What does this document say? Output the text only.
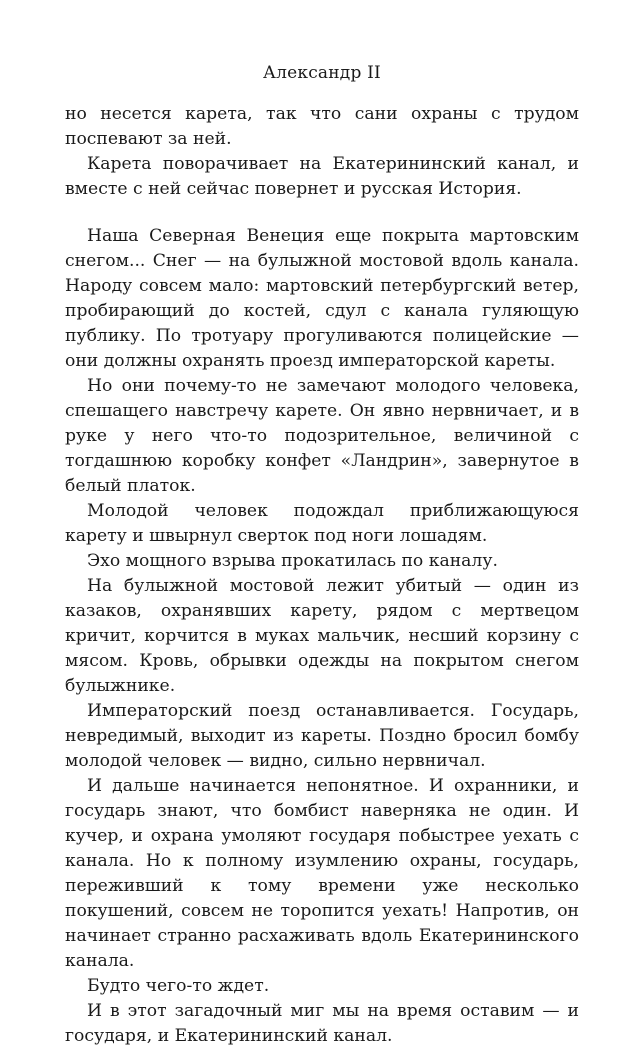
Александр II

но несется карета, так что сани охраны с трудом поспевают за ней.

Карета поворачивает на Екатерининский канал, и вместе с ней сейчас повернет и русская История.

Наша Северная Венеция еще покрыта мартовским снегом... Снег — на булыжной мостовой вдоль канала. Народу совсем мало: мартовский петербургский ветер, пробирающий до костей, сдул с канала гуляющую публику. По тротуару прогуливаются полицейские — они должны охранять проезд императорской кареты.

Но они почему-то не замечают молодого человека, спешащего навстречу карете. Он явно нервничает, и в руке у него что-то подозрительное, величиной с тогдашнюю коробку конфет «Ландрин», завернутое в белый платок.

Молодой человек подождал приближающуюся карету и швырнул сверток под ноги лошадям.

Эхо мощного взрыва прокатилась по каналу.

На булыжной мостовой лежит убитый — один из казаков, охранявших карету, рядом с мертвецом кричит, корчится в муках мальчик, несший корзину с мясом. Кровь, обрывки одежды на покрытом снегом булыжнике.

Императорский поезд останавливается. Государь, невредимый, выходит из кареты. Поздно бросил бомбу молодой человек — видно, сильно нервничал.

И дальше начинается непонятное. И охранники, и государь знают, что бомбист наверняка не один. И кучер, и охрана умоляют государя побыстрее уехать с канала. Но к полному изумлению охраны, государь, переживший к тому времени уже несколько покушений, совсем не торопится уехать! Напротив, он начинает странно расхаживать вдоль Екатерининского канала.

Будто чего-то ждет.

И в этот загадочный миг мы на время оставим — и государя, и Екатерининский канал.
